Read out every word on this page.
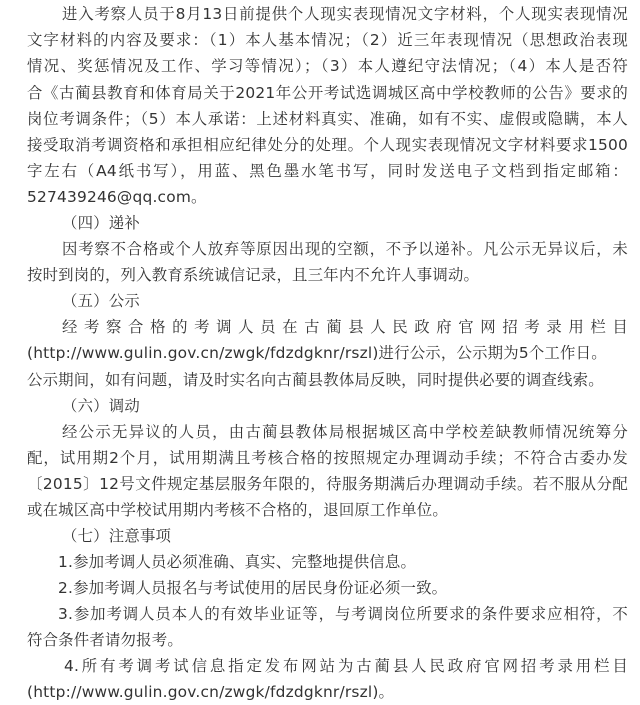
进入考察人员于8月13日前提供个人现实表现情况文字材料，个人现实表现情况
文字材料的内容及要求：（1）本人基本情况；（2）近三年表现情况（思想政治表现
情况、奖惩情况及工作、学习等情况）；（3）本人遵纪守法情况；（4）本人是否符
合《古蔺县教育和体育局关于2021年公开考试选调城区高中学校教师的公告》要求的
岗位考调条件；（5）本人承诺：上述材料真实、准确，如有不实、虚假或隐瞒，本人
接受取消考调资格和承担相应纪律处分的处理。个人现实表现情况文字材料要求1500
字左右（A4纸书写），用蓝、黑色墨水笔书写，同时发送电子文档到指定邮箱：
527439246@qq.com。
（四）递补
因考察不合格或个人放弃等原因出现的空额，不予以递补。凡公示无异议后，未
按时到岗的，列入教育系统诚信记录，且三年内不允许人事调动。
（五）公示
经考察合格的考调人员在古蔺县人民政府官网招考录用栏目
(http://www.gulin.gov.cn/zwgk/fdzdgknr/rszl)进行公示，公示期为5个工作日。
公示期间，如有问题，请及时实名向古蔺县教体局反映，同时提供必要的调查线索。
（六）调动
经公示无异议的人员，由古蔺县教体局根据城区高中学校差缺教师情况统筹分
配，试用期2个月，试用期满且考核合格的按照规定办理调动手续；不符合古委办发
〔2015〕12号文件规定基层服务年限的，待服务期满后办理调动手续。若不服从分配
或在城区高中学校试用期内考核不合格的，退回原工作单位。
（七）注意事项
1.参加考调人员必须准确、真实、完整地提供信息。
2.参加考调人员报名与考试使用的居民身份证必须一致。
3.参加考调人员本人的有效毕业证等，与考调岗位所要求的条件要求应相符，不
符合条件者请勿报考。
4.所有考调考试信息指定发布网站为古蔺县人民政府官网招考录用栏目
(http://www.gulin.gov.cn/zwgk/fdzdgknr/rszl)。
